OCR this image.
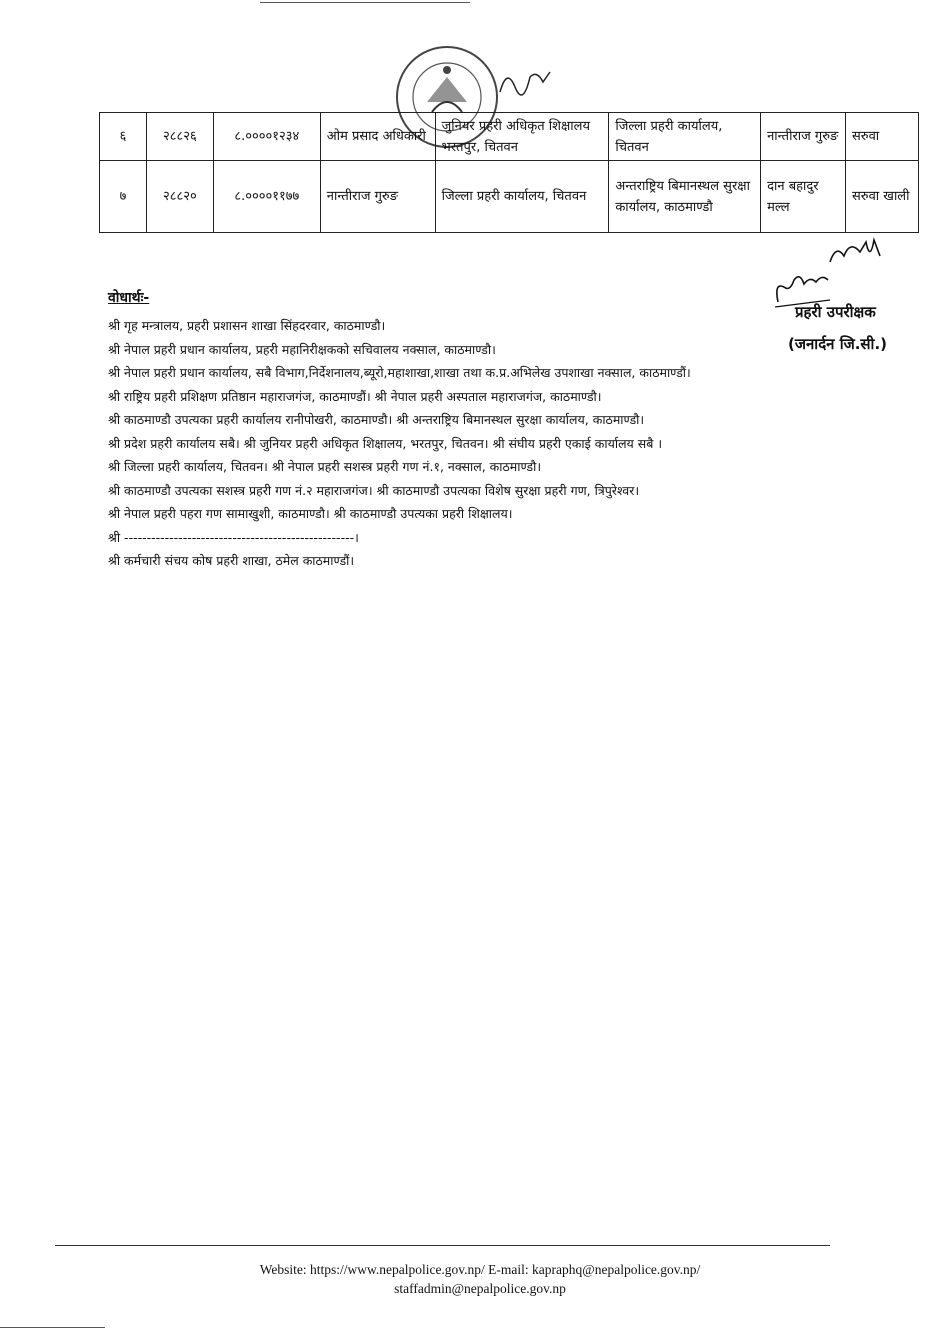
६	२८८२६	८.००००१२३४	ओम प्रसाद अधिकारी	जुनियर प्रहरी अधिकृत शिक्षालय भरतपुर, चितवन	जिल्ला प्रहरी कार्यालय, चितवन	नान्तीराज गुरुङ	सरुवा
७	२८८२०	८.००००११७७	नान्तीराज गुरुङ	जिल्ला प्रहरी कार्यालय, चितवन	अन्तराष्ट्रिय बिमानस्थल सुरक्षा कार्यालय, काठमाण्डौ	दान बहादुर मल्ल	सरुवा खाली
प्रहरी उपरीक्षक
(जनार्दन जि.सी.)
वोधार्थः-
श्री गृह मन्त्रालय, प्रहरी प्रशासन शाखा सिंहदरवार, काठमाण्डौ।
श्री नेपाल प्रहरी प्रधान कार्यालय, प्रहरी महानिरीक्षकको सचिवालय नक्साल, काठमाण्डौ।
श्री नेपाल प्रहरी प्रधान कार्यालय, सबै विभाग,निर्देशनालय,ब्यूरो,महाशाखा,शाखा तथा क.प्र.अभिलेख उपशाखा नक्साल, काठमाण्डौं।
श्री राष्ट्रिय प्रहरी प्रशिक्षण प्रतिष्ठान महाराजगंज, काठमाण्डौं। श्री नेपाल प्रहरी अस्पताल महाराजगंज, काठमाण्डौ।
श्री काठमाण्डौ उपत्यका प्रहरी कार्यालय रानीपोखरी, काठमाण्डौ। श्री अन्तराष्ट्रिय बिमानस्थल सुरक्षा कार्यालय, काठमाण्डौ।
श्री प्रदेश प्रहरी कार्यालय सबै। श्री जुनियर प्रहरी अधिकृत शिक्षालय, भरतपुर, चितवन। श्री संघीय प्रहरी एकाई कार्यालय सबै ।
श्री जिल्ला प्रहरी कार्यालय, चितवन। श्री नेपाल प्रहरी सशस्त्र प्रहरी गण नं.१, नक्साल, काठमाण्डौ।
श्री काठमाण्डौ उपत्यका सशस्त्र प्रहरी गण नं.२ महाराजगंज। श्री काठमाण्डौ उपत्यका विशेष सुरक्षा प्रहरी गण, त्रिपुरेश्वर।
श्री नेपाल प्रहरी पहरा गण सामाखुशी, काठमाण्डौ। श्री काठमाण्डौ उपत्यका प्रहरी शिक्षालय।
श्री ---------------------------------------------------।
श्री कर्मचारी संचय कोष प्रहरी शाखा, ठमेल काठमाण्डौं।
Website: https://www.nepalpolice.gov.np/ E-mail: kapraphq@nepalpolice.gov.np/
staffadmin@nepalpolice.gov.np
